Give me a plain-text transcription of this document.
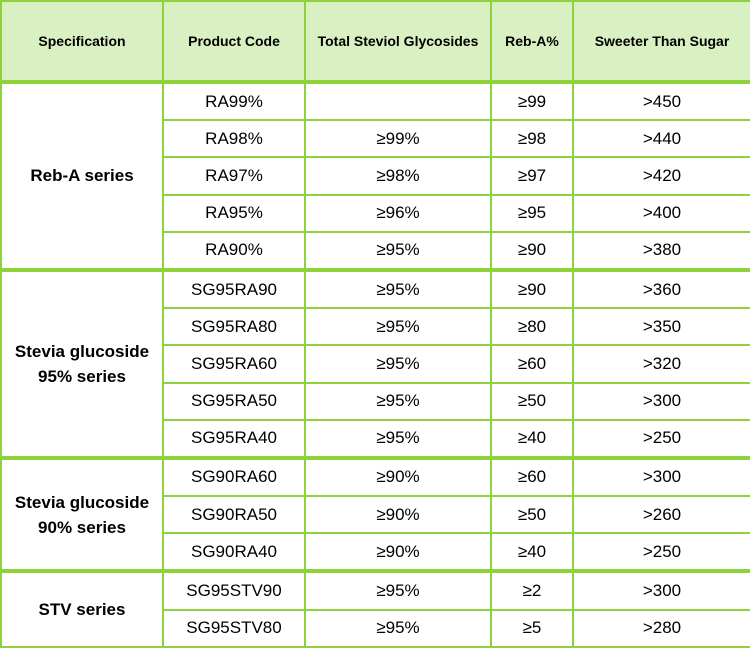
Specification	Product Code	Total Steviol Glycosides	Reb-A%	Sweeter Than Sugar

Reb-A series	RA99%		≥99	>450
	RA98%	≥99%	≥98	>440
	RA97%	≥98%	≥97	>420
	RA95%	≥96%	≥95	>400
	RA90%	≥95%	≥90	>380

Stevia glucoside
95% series	SG95RA90	≥95%	≥90	>360
	SG95RA80	≥95%	≥80	>350
	SG95RA60	≥95%	≥60	>320
	SG95RA50	≥95%	≥50	>300
	SG95RA40	≥95%	≥40	>250

Stevia glucoside
90% series	SG90RA60	≥90%	≥60	>300
	SG90RA50	≥90%	≥50	>260
	SG90RA40	≥90%	≥40	>250

STV series	SG95STV90	≥95%	≥2	>300
	SG95STV80	≥95%	≥5	>280
